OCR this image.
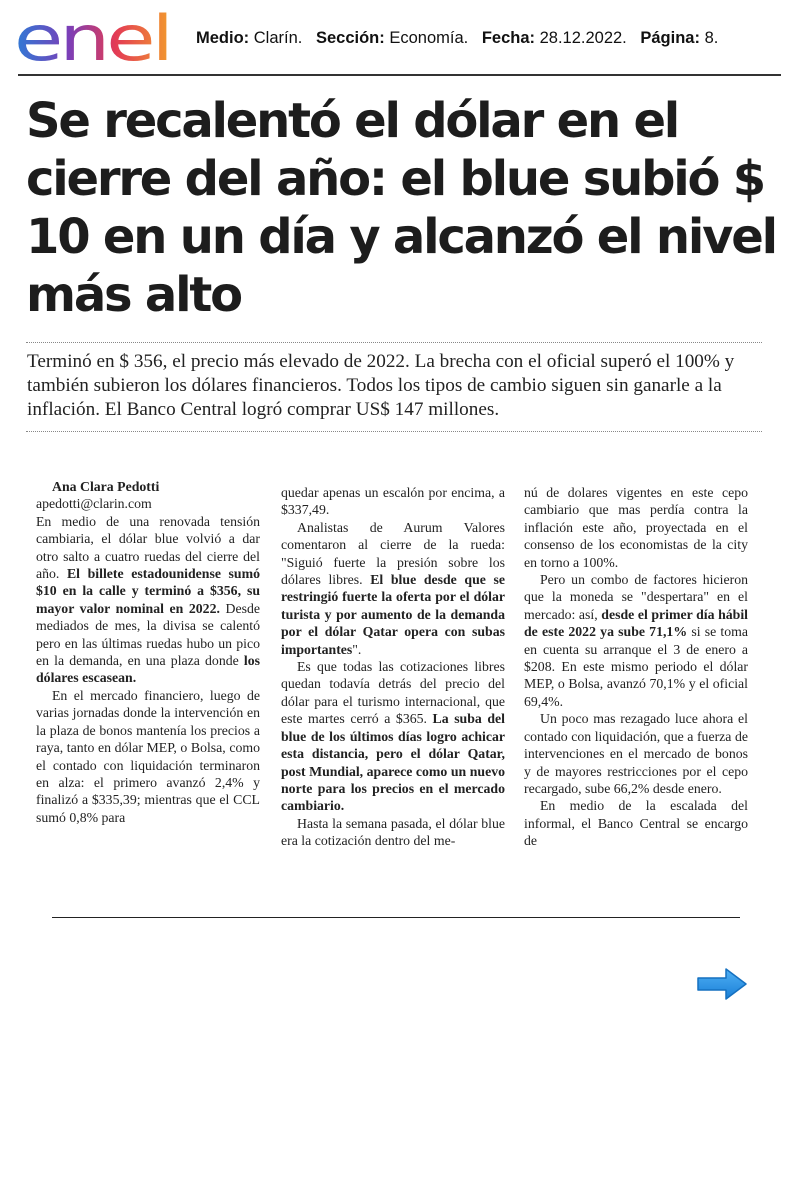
enel Medio: Clarín. Sección: Economía. Fecha: 28.12.2022. Página: 8.
Se recalentó el dólar en el cierre del año: el blue subió $ 10 en un día y alcanzó el nivel más alto

Terminó en $ 356, el precio más elevado de 2022. La brecha con el oficial superó el 100% y también subieron los dólares financieros. Todos los tipos de cambio siguen sin ganarle a la inflación. El Banco Central logró comprar US$ 147 millones.

Ana Clara Pedotti

apedotti@clarin.com

En medio de una renovada tensión cambiaria, el dólar blue volvió a dar otro salto a cuatro ruedas del cierre del año. El billete estadounidense sumó $10 en la calle y terminó a $356, su mayor valor nominal en 2022. Desde mediados de mes, la divisa se calentó pero en las últimas ruedas hubo un pico en la demanda, en una plaza donde los dólares escasean.

En el mercado financiero, luego de varias jornadas donde la intervención en la plaza de bonos mantenía los precios a raya, tanto en dólar MEP, o Bolsa, como el contado con liquidación terminaron en alza: el primero avanzó 2,4% y finalizó a $335,39; mientras que el CCL sumó 0,8% para

quedar apenas un escalón por encima, a $337,49.

Analistas de Aurum Valores comentaron al cierre de la rueda: "Siguió fuerte la presión sobre los dólares libres. El blue desde que se restringió fuerte la oferta por el dólar turista y por aumento de la demanda por el dólar Qatar opera con subas importantes".

Es que todas las cotizaciones libres quedan todavía detrás del precio del dólar para el turismo internacional, que este martes cerró a $365. La suba del blue de los últimos días logro achicar esta distancia, pero el dólar Qatar, post Mundial, aparece como un nuevo norte para los precios en el mercado cambiario.

Hasta la semana pasada, el dólar blue era la cotización dentro del me-

nú de dolares vigentes en este cepo cambiario que mas perdía contra la inflación este año, proyectada en el consenso de los economistas de la city en torno a 100%.

Pero un combo de factores hicieron que la moneda se "despertara" en el mercado: así, desde el primer día hábil de este 2022 ya sube 71,1% si se toma en cuenta su arranque el 3 de enero a $208. En este mismo periodo el dólar MEP, o Bolsa, avanzó 70,1% y el oficial 69,4%.

Un poco mas rezagado luce ahora el contado con liquidación, que a fuerza de intervenciones en el mercado de bonos y de mayores restricciones por el cepo recargado, sube 66,2% desde enero.

En medio de la escalada del informal, el Banco Central se encargo de
